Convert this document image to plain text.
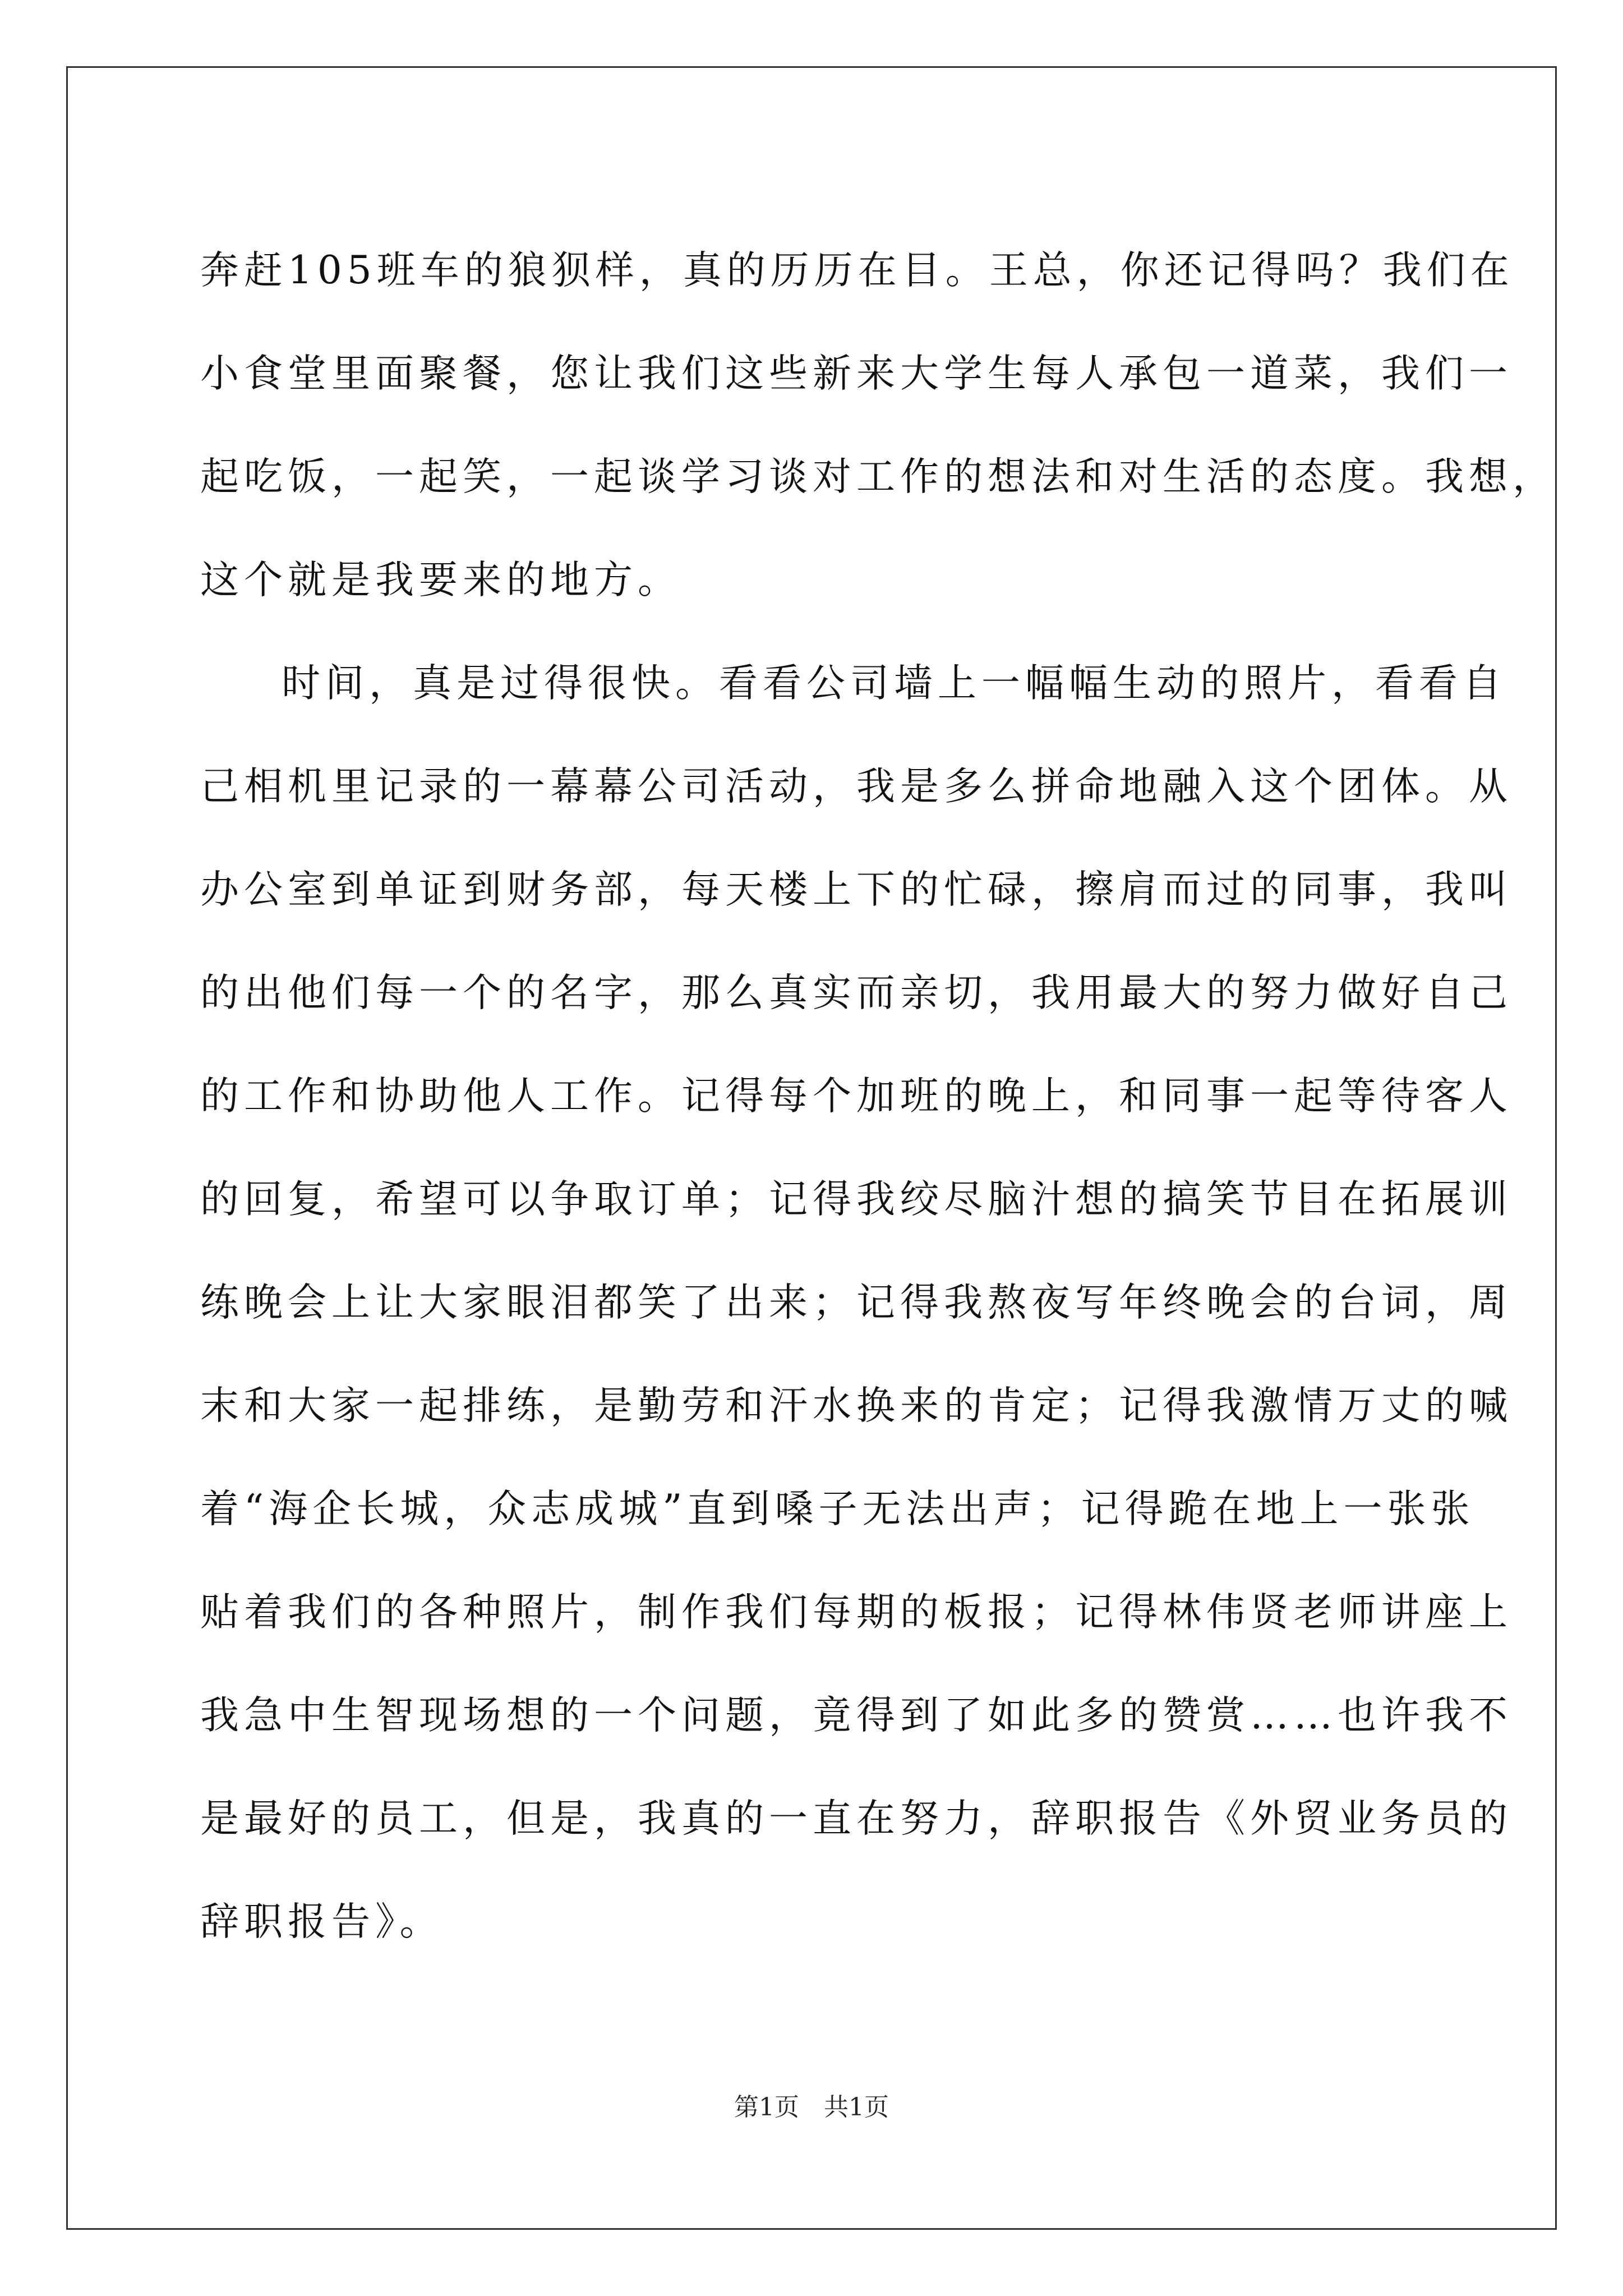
奔赶105班车的狼狈样，真的历历在目。王总，你还记得吗？我们在
小食堂里面聚餐，您让我们这些新来大学生每人承包一道菜，我们一
起吃饭，一起笑，一起谈学习谈对工作的想法和对生活的态度。我想，
这个就是我要来的地方。
时间，真是过得很快。看看公司墙上一幅幅生动的照片，看看自
己相机里记录的一幕幕公司活动，我是多么拼命地融入这个团体。从
办公室到单证到财务部，每天楼上下的忙碌，擦肩而过的同事，我叫
的出他们每一个的名字，那么真实而亲切，我用最大的努力做好自己
的工作和协助他人工作。记得每个加班的晚上，和同事一起等待客人
的回复，希望可以争取订单；记得我绞尽脑汁想的搞笑节目在拓展训
练晚会上让大家眼泪都笑了出来；记得我熬夜写年终晚会的台词，周
末和大家一起排练，是勤劳和汗水换来的肯定；记得我激情万丈的喊
着“海企长城，众志成城”直到嗓子无法出声；记得跪在地上一张张
贴着我们的各种照片，制作我们每期的板报；记得林伟贤老师讲座上
我急中生智现场想的一个问题，竟得到了如此多的赞赏……也许我不
是最好的员工，但是，我真的一直在努力，辞职报告《外贸业务员的
辞职报告》。
第1页　共1页
